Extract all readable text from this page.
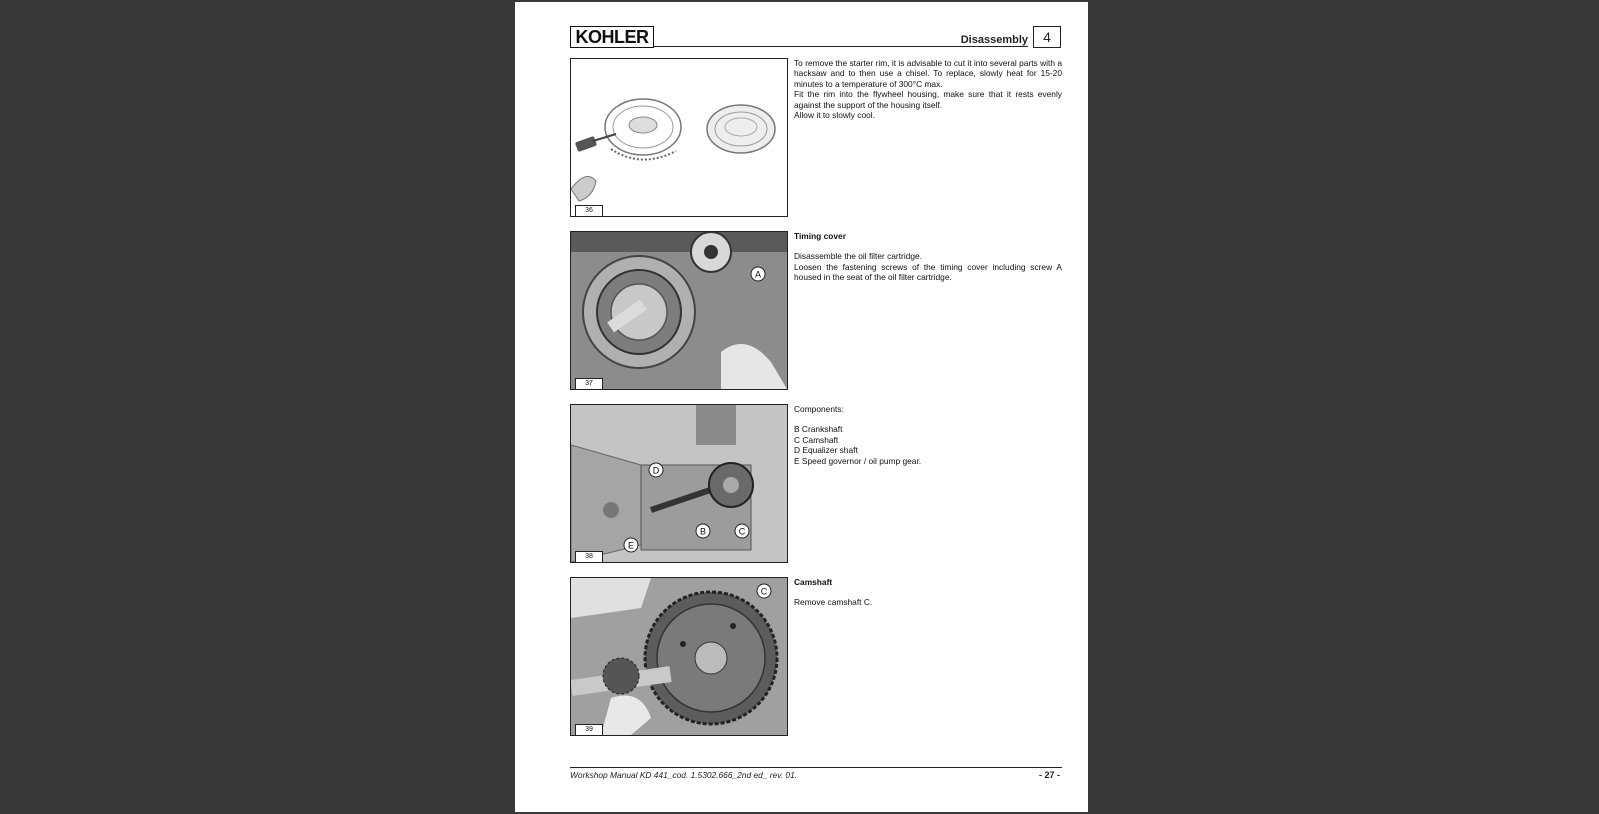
KOHLER	Disassembly	4
36

To remove the starter rim, it is advisable to cut it into several parts with a hacksaw and to then use a chisel. To replace, slowly heat for 15-20 minutes to a temperature of 300°C max.

Fit the rim into the flywheel housing, make sure that it rests evenly against the support of the housing itself.

Allow it to slowly cool.

A
37

Timing cover

Disassemble the oil filter cartridge.

Loosen the fastening screws of the timing cover including screw A housed in the seat of the oil filter cartridge.

D
B	C
E
38

Components:

B Crankshaft

C Camshaft

D Equalizer shaft

E Speed governor / oil pump gear.

C
39

Camshaft

Remove camshaft C.

Workshop Manual KD 441_cod. 1.5302.666_2nd ed_ rev. 01.	- 27 -
